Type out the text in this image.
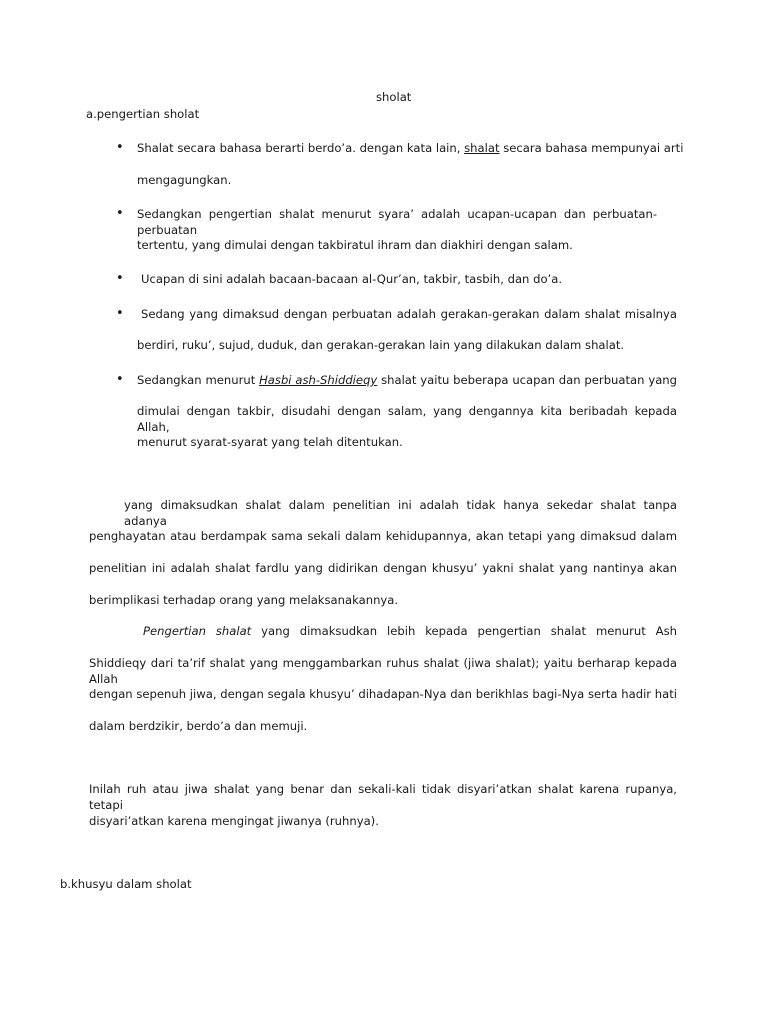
sholat
a.pengertian sholat
• Shalat secara bahasa berarti berdo’a. dengan kata lain, shalat secara bahasa mempunyai arti
mengagungkan.
• Sedangkan pengertian shalat menurut syara’ adalah ucapan-ucapan dan perbuatan-perbuatan
tertentu, yang dimulai dengan takbiratul ihram dan diakhiri dengan salam.
• Ucapan di sini adalah bacaan-bacaan al-Qur’an, takbir, tasbih, dan do’a.
• Sedang yang dimaksud dengan perbuatan adalah gerakan-gerakan dalam shalat misalnya
berdiri, ruku’, sujud, duduk, dan gerakan-gerakan lain yang dilakukan dalam shalat.
• Sedangkan menurut Hasbi ash-Shiddieqy shalat yaitu beberapa ucapan dan perbuatan yang
dimulai dengan takbir, disudahi dengan salam, yang dengannya kita beribadah kepada Allah,
menurut syarat-syarat yang telah ditentukan.
yang dimaksudkan shalat dalam penelitian ini adalah tidak hanya sekedar shalat tanpa adanya
penghayatan atau berdampak sama sekali dalam kehidupannya, akan tetapi yang dimaksud dalam
penelitian ini adalah shalat fardlu yang didirikan dengan khusyu’ yakni shalat yang nantinya akan
berimplikasi terhadap orang yang melaksanakannya.
Pengertian shalat yang dimaksudkan lebih kepada pengertian shalat menurut Ash
Shiddieqy dari ta’rif shalat yang menggambarkan ruhus shalat (jiwa shalat); yaitu berharap kepada Allah
dengan sepenuh jiwa, dengan segala khusyu’ dihadapan-Nya dan berikhlas bagi-Nya serta hadir hati
dalam berdzikir, berdo’a dan memuji.
Inilah ruh atau jiwa shalat yang benar dan sekali-kali tidak disyari’atkan shalat karena rupanya, tetapi
disyari’atkan karena mengingat jiwanya (ruhnya).
b.khusyu dalam sholat
